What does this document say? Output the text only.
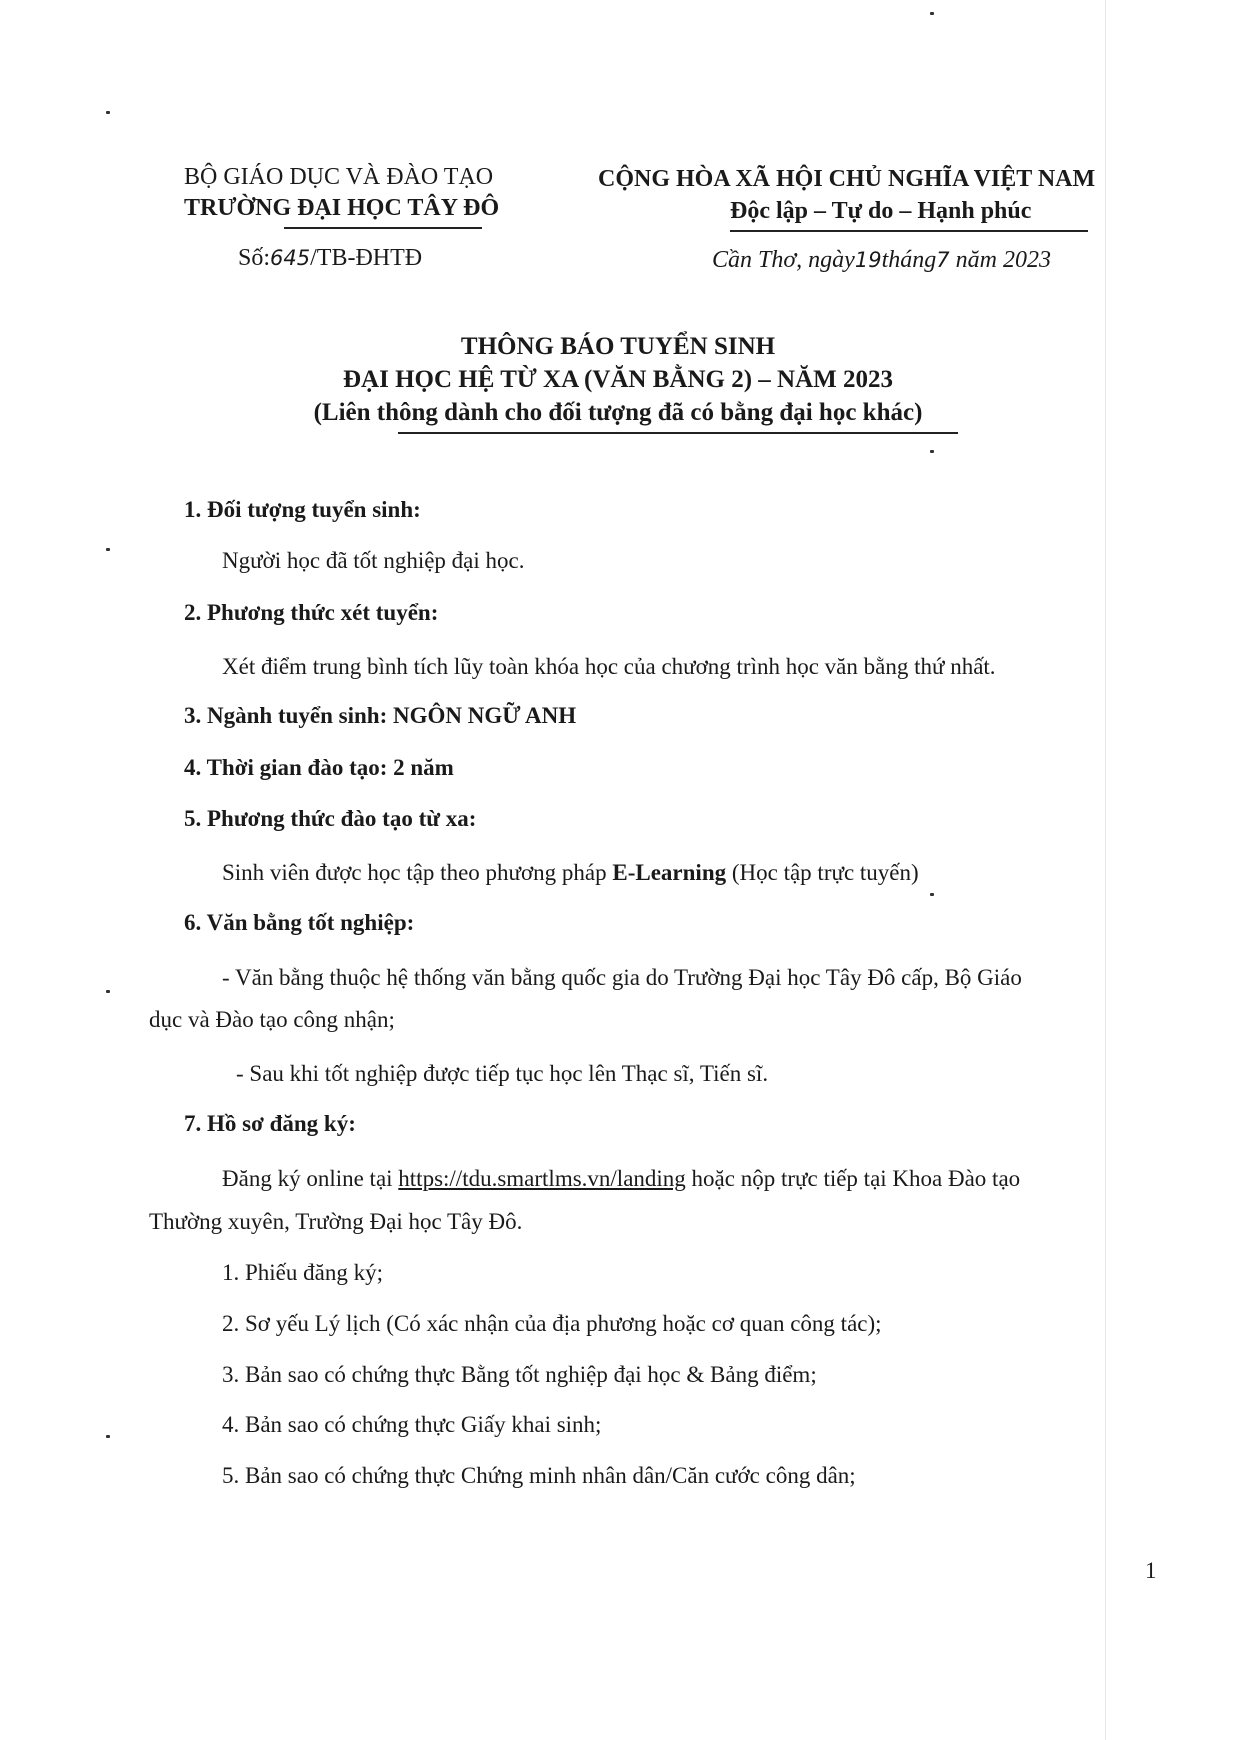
BỘ GIÁO DỤC VÀ ĐÀO TẠO
TRƯỜNG ĐẠI HỌC TÂY ĐÔ
Số:645/TB-ĐHTĐ
CỘNG HÒA XÃ HỘI CHỦ NGHĨA VIỆT NAM
Độc lập – Tự do – Hạnh phúc
Cần Thơ, ngày19tháng7 năm 2023
THÔNG BÁO TUYỂN SINH
ĐẠI HỌC HỆ TỪ XA (VĂN BẰNG 2) – NĂM 2023
(Liên thông dành cho đối tượng đã có bằng đại học khác)
1. Đối tượng tuyển sinh:
Người học đã tốt nghiệp đại học.
2. Phương thức xét tuyển:
Xét điểm trung bình tích lũy toàn khóa học của chương trình học văn bằng thứ nhất.
3. Ngành tuyển sinh: NGÔN NGỮ ANH
4. Thời gian đào tạo: 2 năm
5. Phương thức đào tạo từ xa:
Sinh viên được học tập theo phương pháp E-Learning (Học tập trực tuyến)
6. Văn bằng tốt nghiệp:
- Văn bằng thuộc hệ thống văn bằng quốc gia do Trường Đại học Tây Đô cấp, Bộ Giáo
dục và Đào tạo công nhận;
- Sau khi tốt nghiệp được tiếp tục học lên Thạc sĩ, Tiến sĩ.
7. Hồ sơ đăng ký:
Đăng ký online tại https://tdu.smartlms.vn/landing hoặc nộp trực tiếp tại Khoa Đào tạo
Thường xuyên, Trường Đại học Tây Đô.
1. Phiếu đăng ký;
2. Sơ yếu Lý lịch (Có xác nhận của địa phương hoặc cơ quan công tác);
3. Bản sao có chứng thực Bằng tốt nghiệp đại học & Bảng điểm;
4. Bản sao có chứng thực Giấy khai sinh;
5. Bản sao có chứng thực Chứng minh nhân dân/Căn cước công dân;
1
